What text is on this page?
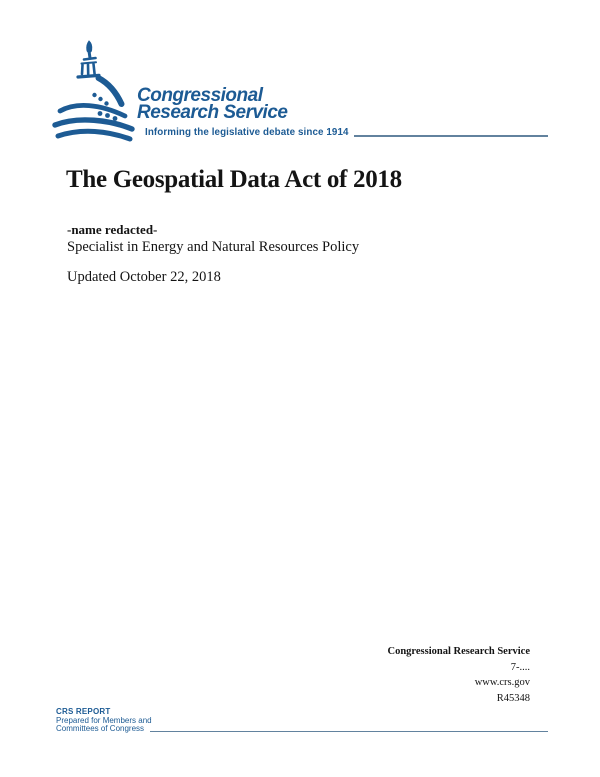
Congressional
Research Service
Informing the legislative debate since 1914
The Geospatial Data Act of 2018
-name redacted-
Specialist in Energy and Natural Resources Policy
Updated October 22, 2018
Congressional Research Service
7-....
www.crs.gov
R45348
CRS REPORT
Prepared for Members and
Committees of Congress
